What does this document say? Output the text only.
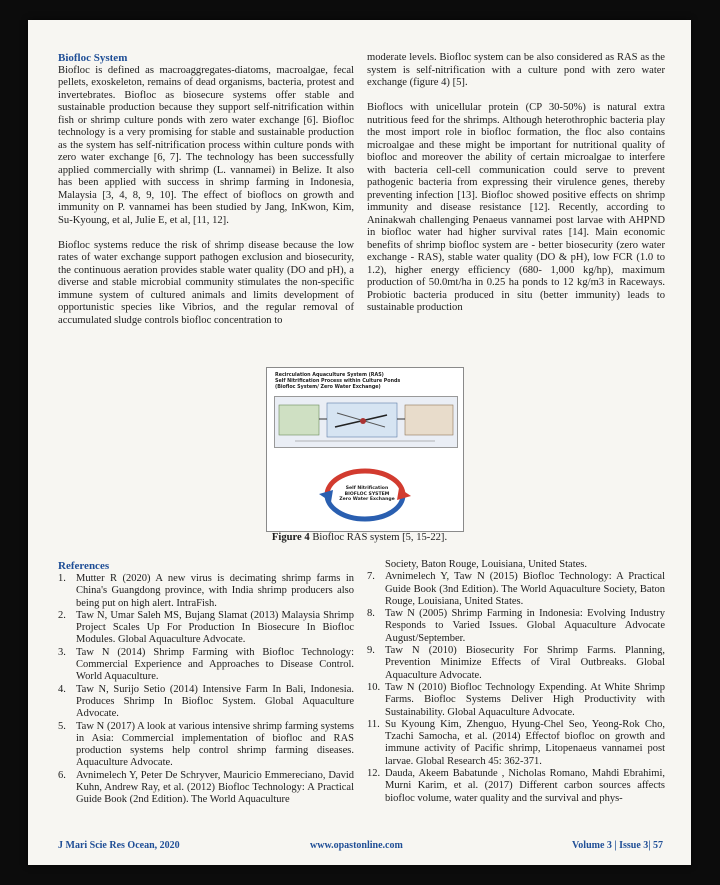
Biofloc System

Biofloc is defined as macroaggregates-diatoms, macroalgae, fecal pellets, exoskeleton, remains of dead organisms, bacteria, protest and invertebrates. Biofloc as biosecure systems offer stable and sustainable production because they support self-nitrification within fish or shrimp culture ponds with zero water exchange [6]. Biofloc technology is a very promising for stable and sustainable production as the system has self-nitrification process within culture ponds with zero water exchange [6, 7]. The technology has been successfully applied commercially with shrimp (L. vannamei) in Belize. It also has been applied with success in shrimp farming in Indonesia, Malaysia [3, 4, 8, 9, 10]. The effect of bioflocs on growth and immunity on P. vannamei has been studied by Jang, InKwon, Kim, Su-Kyoung, et al, Julie E, et al, [11, 12].

Biofloc systems reduce the risk of shrimp disease because the low rates of water exchange support pathogen exclusion and biosecurity, the continuous aeration provides stable water quality (DO and pH), a diverse and stable microbial community stimulates the non-specific immune system of cultured animals and limits development of opportunistic species like Vibrios, and the regular removal of accumulated sludge controls biofloc concentration to

moderate levels. Biofloc system can be also considered as RAS as the system is self-nitrification with a culture pond with zero water exchange (figure 4) [5].

Bioflocs with unicellular protein (CP 30-50%) is natural extra nutritious feed for the shrimps. Although heterothrophic bacteria play the most import role in biofloc formation, the floc also contains microalgae and these might be important for nutritional quality of biofloc and moreover the ability of certain microalgae to interfere with bacteria cell-cell communication could serve to prevent pathogenic bacteria from expressing their virulence genes, thereby preventing infection [13]. Biofloc showed positive effects on shrimp immunity and disease resistance [12]. Recently, according to Aninakwah challenging Penaeus vannamei post larvae with AHPND in biofloc water had higher survival rates [14]. Main economic benefits of shrimp biofloc system are - better biosecurity (zero water exchange - RAS), stable water quality (DO & pH), low FCR (1.0 to 1.2), higher energy efficiency (680- 1,000 kg/hp), maximum production of 50.0mt/ha in 0.25 ha ponds to 12 kg/m3 in Raceways. Probiotic bacteria produced in situ (better immunity) leads to sustainable production

Recirculation Aquaculture System (RAS)
Self Nitrification Process within Culture Ponds
(Biofloc System/ Zero Water Exchange)
Self Nitrification
BIOFLOC SYSTEM
Zero Water Exchange
Figure 4 Biofloc RAS system [5, 15-22].
References
1. Mutter R (2020) A new virus is decimating shrimp farms in China's Guangdong province, with India shrimp producers also being put on high alert. IntraFish.
2. Taw N, Umar Saleh MS, Bujang Slamat (2013) Malaysia Shrimp Project Scales Up For Production In Biosecure In Biofloc Modules. Global Aquaculture Advocate.
3. Taw N (2014) Shrimp Farming with Biofloc Technology: Commercial Experience and Approaches to Disease Control. World Aquaculture.
4. Taw N, Surijo Setio (2014) Intensive Farm In Bali, Indonesia. Produces Shrimp In Biofloc System. Global Aquaculture Advocate.
5. Taw N (2017) A look at various intensive shrimp farming systems in Asia: Commercial implementation of biofloc and RAS production systems help control shrimp farming diseases. Aquaculture Advocate.
6. Avnimelech Y, Peter De Schryver, Mauricio Emmereciano, David Kuhn, Andrew Ray, et al. (2012) Biofloc Technology: A Practical Guide Book (2nd Edition). The World Aquaculture

Society, Baton Rouge, Louisiana, United States.

7. Avnimelech Y, Taw N (2015) Biofloc Technology: A Practical Guide Book (3nd Edition). The World Aquaculture Society, Baton Rouge, Louisiana, United States.
8. Taw N (2005) Shrimp Farming in Indonesia: Evolving Industry Responds to Varied Issues. Global Aquaculture Advocate August/September.
9. Taw N (2010) Biosecurity For Shrimp Farms. Planning, Prevention Minimize Effects of Viral Outbreaks. Global Aquaculture Advocate.
10. Taw N (2010) Biofloc Technology Expending. At White Shrimp Farms. Biofloc Systems Deliver High Productivity with Sustainability. Global Aquaculture Advocate.
11. Su Kyoung Kim, Zhenguo, Hyung-Chel Seo, Yeong-Rok Cho, Tzachi Samocha, et al. (2014) Effectof biofloc on growth and immune activity of Pacific shrimp, Litopenaeus vannamei post larvae. Global Research 45: 362-371.
12. Dauda, Akeem Babatunde , Nicholas Romano, Mahdi Ebrahimi, Murni Karim, et al. (2017) Different carbon sources affects biofloc volume, water quality and the survival and phys-
J Mari Scie Res Ocean, 2020	www.opastonline.com	Volume 3 | Issue 3| 57
